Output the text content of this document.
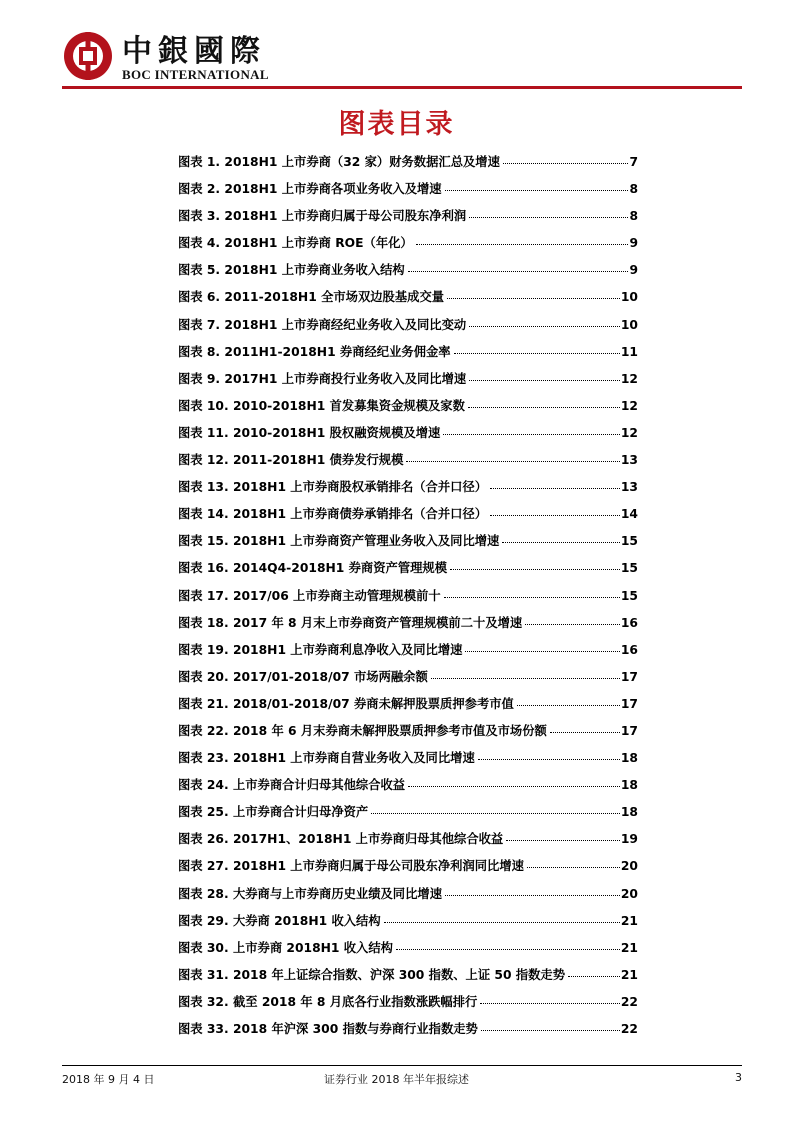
中銀國際
BOC INTERNATIONAL
图表目录
图表 1. 2018H1 上市券商（32 家）财务数据汇总及增速	7
图表 2. 2018H1 上市券商各项业务收入及增速	8
图表 3. 2018H1 上市券商归属于母公司股东净利润	8
图表 4. 2018H1 上市券商 ROE（年化）	9
图表 5. 2018H1 上市券商业务收入结构	9
图表 6. 2011-2018H1 全市场双边股基成交量	10
图表 7. 2018H1 上市券商经纪业务收入及同比变动	10
图表 8. 2011H1-2018H1 券商经纪业务佣金率	11
图表 9. 2017H1 上市券商投行业务收入及同比增速	12
图表 10. 2010-2018H1 首发募集资金规模及家数	12
图表 11. 2010-2018H1 股权融资规模及增速	12
图表 12. 2011-2018H1 债券发行规模	13
图表 13. 2018H1 上市券商股权承销排名（合并口径）	13
图表 14. 2018H1 上市券商债券承销排名（合并口径）	14
图表 15. 2018H1 上市券商资产管理业务收入及同比增速	15
图表 16. 2014Q4-2018H1 券商资产管理规模	15
图表 17. 2017/06 上市券商主动管理规模前十	15
图表 18. 2017 年 8 月末上市券商资产管理规模前二十及增速	16
图表 19. 2018H1 上市券商利息净收入及同比增速	16
图表 20. 2017/01-2018/07 市场两融余额	17
图表 21. 2018/01-2018/07 券商未解押股票质押参考市值	17
图表 22. 2018 年 6 月末券商未解押股票质押参考市值及市场份额	17
图表 23. 2018H1 上市券商自营业务收入及同比增速	18
图表 24. 上市券商合计归母其他综合收益	18
图表 25. 上市券商合计归母净资产	18
图表 26. 2017H1、2018H1 上市券商归母其他综合收益	19
图表 27. 2018H1 上市券商归属于母公司股东净利润同比增速	20
图表 28. 大券商与上市券商历史业绩及同比增速	20
图表 29. 大券商 2018H1 收入结构	21
图表 30. 上市券商 2018H1 收入结构	21
图表 31. 2018 年上证综合指数、沪深 300 指数、上证 50 指数走势	21
图表 32. 截至 2018 年 8 月底各行业指数涨跌幅排行	22
图表 33. 2018 年沪深 300 指数与券商行业指数走势	22
2018 年 9 月 4 日	证券行业 2018 年半年报综述	3
